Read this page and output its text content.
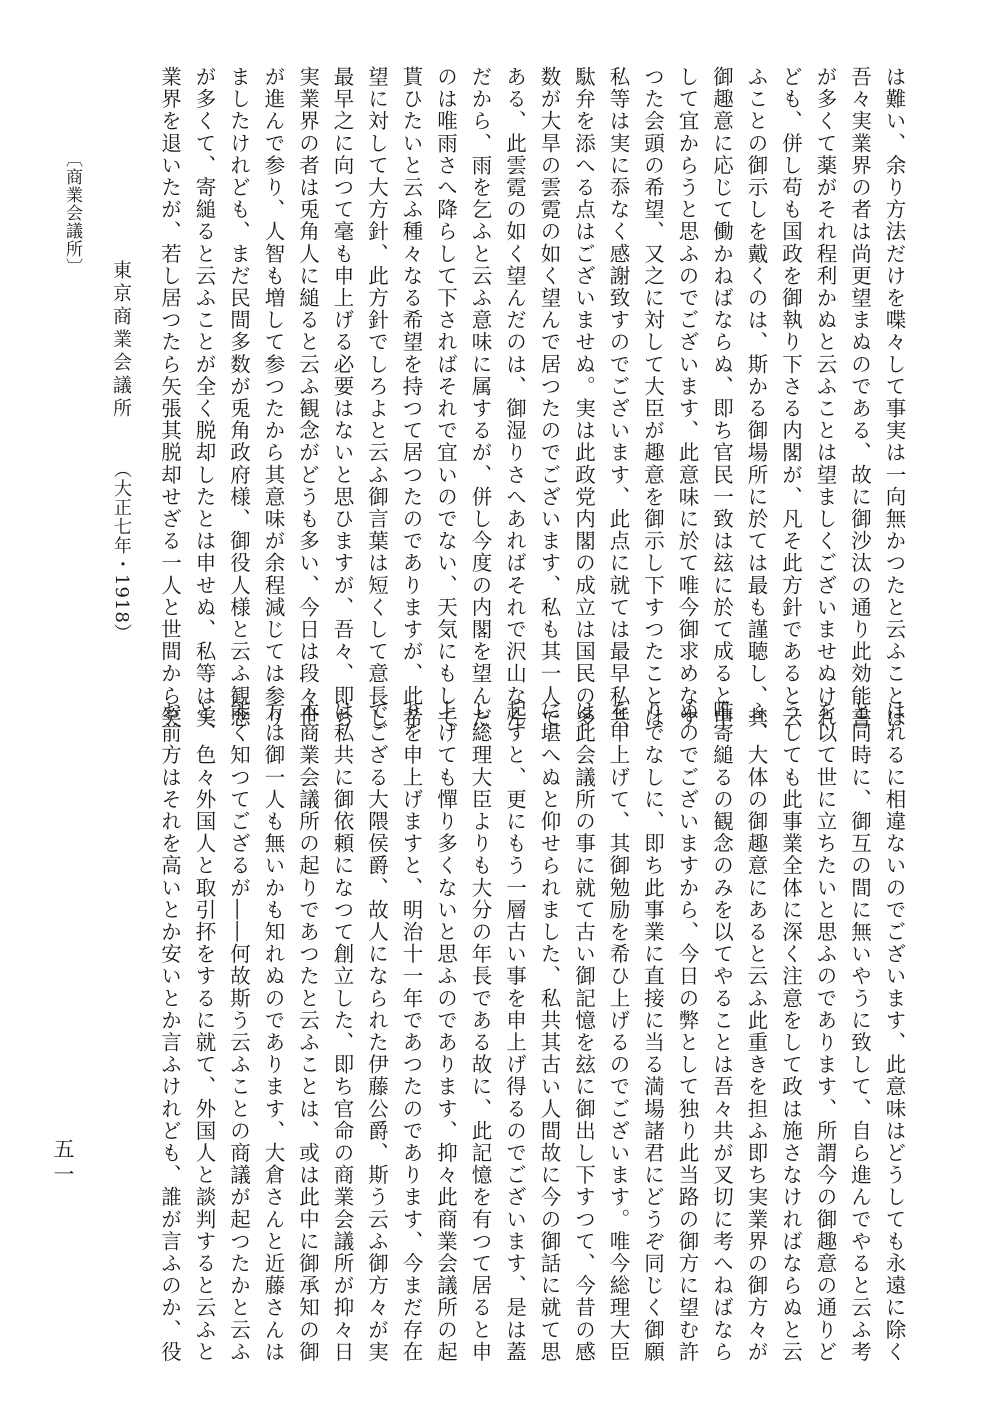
は難い、余り方法だけを喋々して事実は一向無かつたと云ふことは
吾々実業界の者は尚更望まぬのである、故に御沙汰の通り此効能書
が多くて薬がそれ程利かぬと云ふことは望ましくございませぬけれ
ども、併し苟も国政を御執り下さる内閣が、凡そ此方針であると云
ふことの御示しを戴くのは、斯かる御場所に於ては最も謹聴し、其
御趣意に応じて働かねばならぬ、即ち官民一致は玆に於て成ると申
して宜からうと思ふのでございます、此意味に於て唯今御求めなす
つた会頭の希望、又之に対して大臣が趣意を御示し下すつたことは
私等は実に忝なく感謝致すのでございます、此点に就ては最早私共
駄弁を添へる点はございませぬ。実は此政党内閣の成立は国民の多
数が大旱の雲霓の如く望んで居つたのでございます、私も其一人で
ある、此雲霓の如く望んだのは、御湿りさへあればそれで沢山なん
だから、雨を乞ふと云ふ意味に属するが、併し今度の内閣を望んだ
のは唯雨さへ降らして下さればそれで宜いのでない、天気にもして
貰ひたいと云ふ種々なる希望を持つて居つたのでありますが、此希
望に対して大方針、此方針でしろよと云ふ御言葉は短くして意長し
最早之に向つて毫も申上げる必要はないと思ひますが、吾々、即ち
実業界の者は兎角人に縋ると云ふ観念がどうも多い、今日は段々世
が進んで参り、人智も増して参つたから其意味が余程減じては参り
ましたけれども、まだ民間多数が兎角政府様、御役人様と云ふ観念
が多くて、寄縋ると云ふことが全く脱却したとは申せぬ、私等は実
業界を退いたが、若し居つたら矢張其脱却せざる一人と世間から笑
はれるに相違ないのでございます、此意味はどうしても永遠に除く
と同時に、御互の間に無いやうに致して、自ら進んでやると云ふ考
を以て世に立ちたいと思ふのであります、所謂今の御趣意の通りど
うしても此事業全体に深く注意をして政は施さなければならぬと云
ふ、大体の御趣意にあると云ふ此重きを担ふ即ち実業界の御方々が
唯寄縋るの観念のみを以てやることは吾々共が叉切に考へねばなら
ぬのでございますから、今日の弊として独り此当路の御方に望む許
りでなしに、即ち此事業に直接に当る満場諸君にどうぞ同じく御願
を申上げて、其御勉励を希ひ上げるのでございます。唯今総理大臣
は此会議所の事に就て古い御記憶を玆に御出し下すつて、今昔の感
に堪へぬと仰せられました、私共其古い人間故に今の御話に就て思
起すと、更にもう一層古い事を申上げ得るのでございます、是は蓋
し総理大臣よりも大分の年長である故に、此記憶を有つて居ると申
上げても憚り多くないと思ふのであります、抑々此商業会議所の起
りを申上げますと、明治十一年であつたのであります、今まだ存在
でござる大隈侯爵、故人になられた伊藤公爵、斯う云ふ御方々が実
は私共に御依頼になつて創立した、即ち官命の商業会議所が抑々日
本商業会議所の起りであつたと云ふことは、或は此中に御承知の御
方は御一人も無いかも知れぬのであります、大倉さんと近藤さんは
能く知つてござるが――何故斯う云ふことの商議が起つたかと云ふ
と、色々外国人と取引抔をするに就て、外国人と談判すると云ふと
お前方はそれを高いとか安いとか言ふけれども、誰が言ふのか、役
五一
〔商業会議所〕
東京商業会議所
（大正七年・1918）
